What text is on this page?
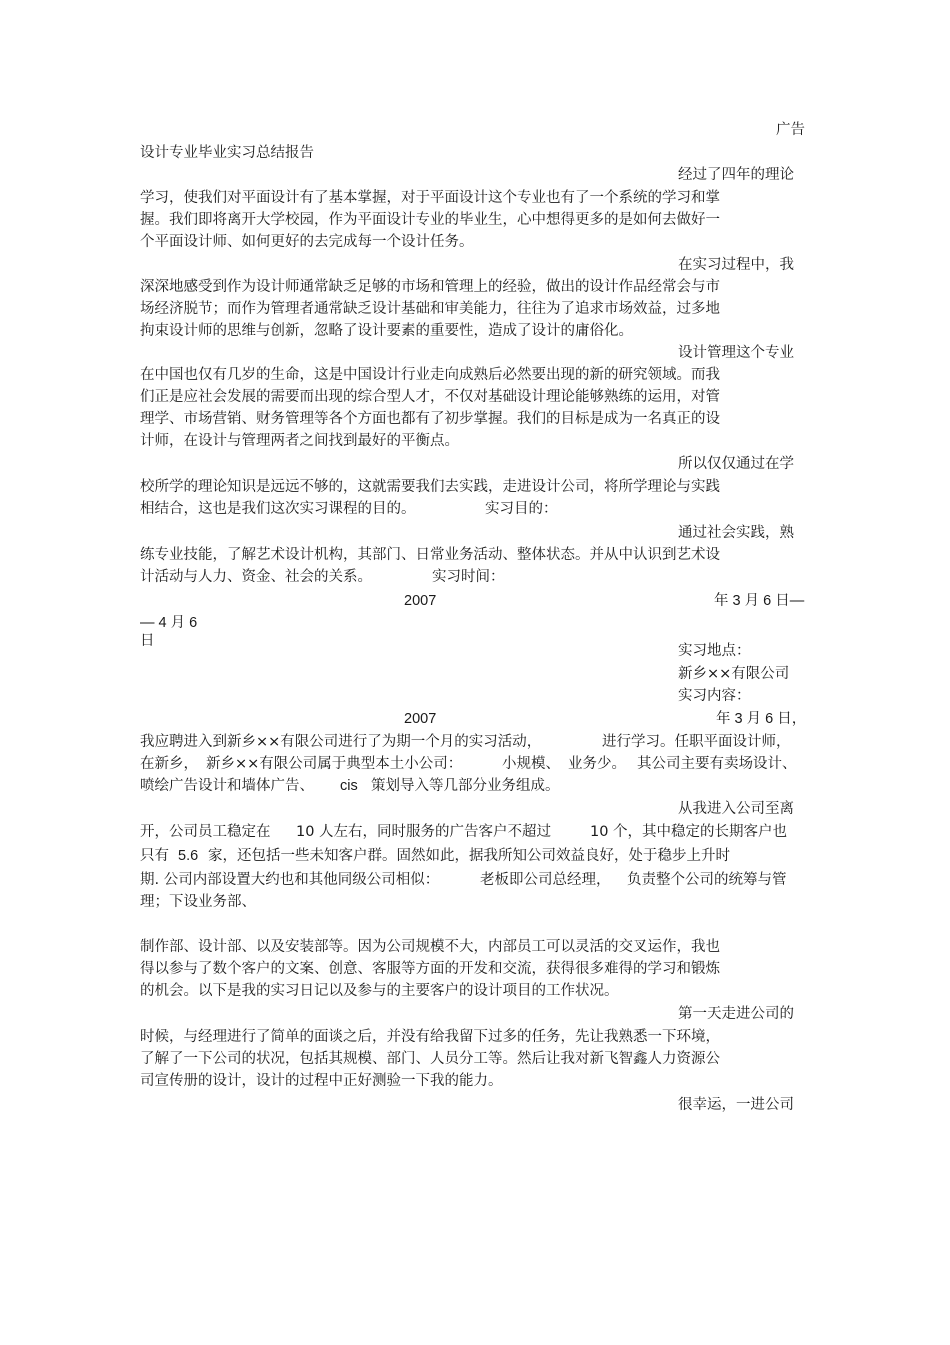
广告
设计专业毕业实习总结报告
经过了四年的理论
学习，使我们对平面设计有了基本掌握，对于平面设计这个专业也有了一个系统的学习和掌
握。我们即将离开大学校园，作为平面设计专业的毕业生，心中想得更多的是如何去做好一
个平面设计师、如何更好的去完成每一个设计任务。
在实习过程中，我
深深地感受到作为设计师通常缺乏足够的市场和管理上的经验，做出的设计作品经常会与市
场经济脱节；而作为管理者通常缺乏设计基础和审美能力，往往为了追求市场效益，过多地
拘束设计师的思维与创新，忽略了设计要素的重要性，造成了设计的庸俗化。
设计管理这个专业
在中国也仅有几岁的生命，这是中国设计行业走向成熟后必然要出现的新的研究领域。而我
们正是应社会发展的需要而出现的综合型人才，不仅对基础设计理论能够熟练的运用，对管
理学、市场营销、财务管理等各个方面也都有了初步掌握。我们的目标是成为一名真正的设
计师，在设计与管理两者之间找到最好的平衡点。
所以仅仅通过在学
校所学的理论知识是远远不够的，这就需要我们去实践，走进设计公司，将所学理论与实践
相结合，这也是我们这次实习课程的目的。	实习目的：
通过社会实践，熟
练专业技能，了解艺术设计机构，其部门、日常业务活动、整体状态。并从中认识到艺术设
计活动与人力、资金、社会的关系。	实习时间：
2007	年 3 月 6 日—
— 4 月 6
日
实习地点：
新乡××有限公司
实习内容：
2007	年 3 月 6 日，
我应聘进入到新乡××有限公司进行了为期一个月的实习活动，	进行学习。任职平面设计师，
在新乡， 新乡××有限公司属于典型本土小公司：	小规模、 业务少。 其公司主要有卖场设计、
喷绘广告设计和墙体广告、 cis 策划导入等几部分业务组成。
从我进入公司至离
开，公司员工稳定在 10 人左右，同时服务的广告客户不超过	10 个，其中稳定的长期客户也
只有 5.6 家，还包括一些未知客户群。固然如此，据我所知公司效益良好，处于稳步上升时
期. 公司内部设置大约也和其他同级公司相似：	老板即公司总经理， 负责整个公司的统筹与管
理；下设业务部、
制作部、设计部、以及安装部等。因为公司规模不大，内部员工可以灵活的交叉运作，我也
得以参与了数个客户的文案、创意、客服等方面的开发和交流，获得很多难得的学习和锻炼
的机会。以下是我的实习日记以及参与的主要客户的设计项目的工作状况。
第一天走进公司的
时候，与经理进行了简单的面谈之后，并没有给我留下过多的任务，先让我熟悉一下环境，
了解了一下公司的状况，包括其规模、部门、人员分工等。然后让我对新飞智鑫人力资源公
司宣传册的设计，设计的过程中正好测验一下我的能力。
很幸运，一进公司
